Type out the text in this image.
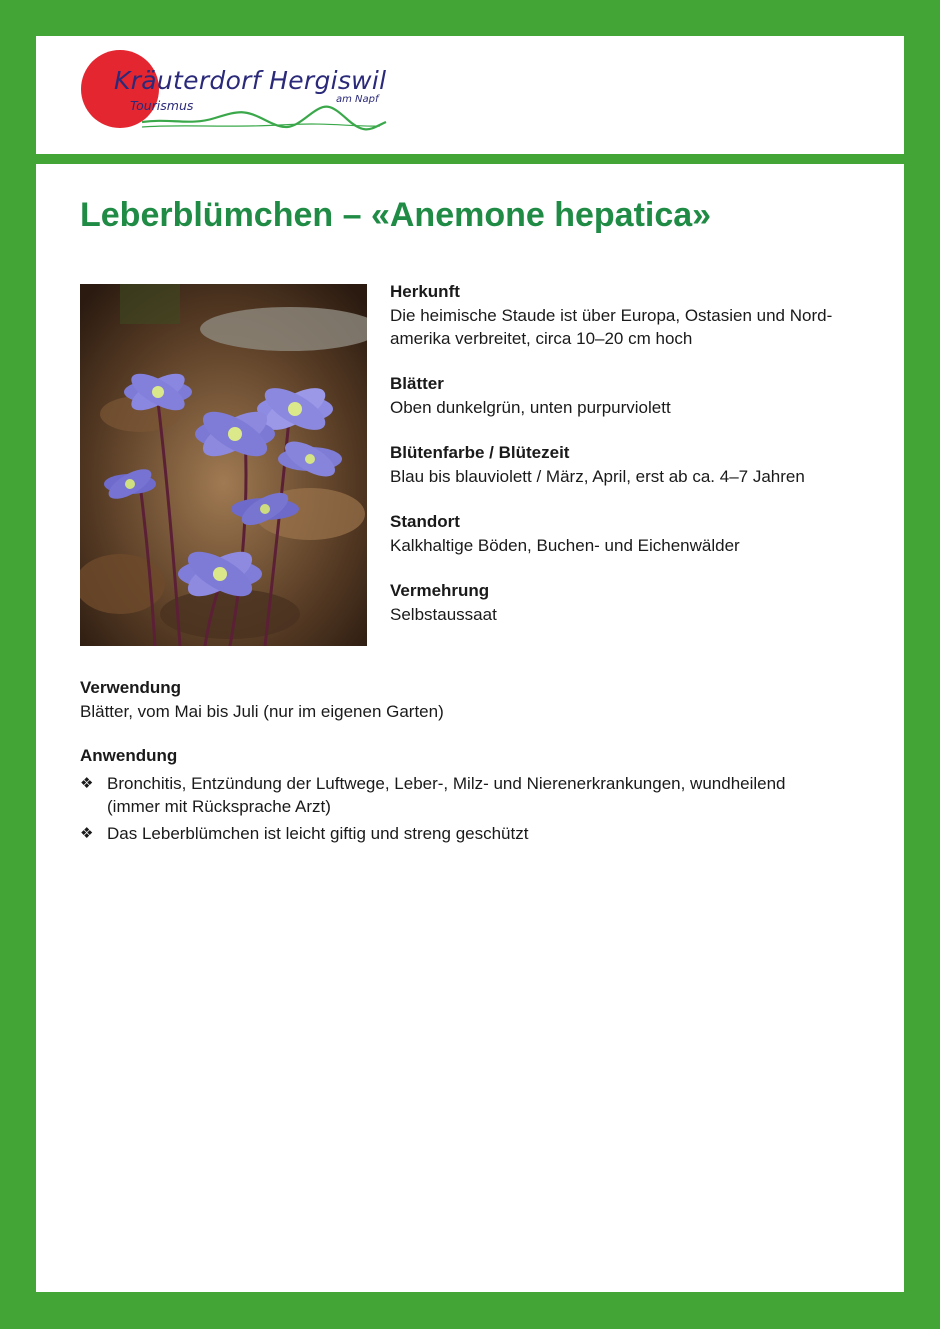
Kräuterdorf Hergiswil
Tourismus	am Napf
Leberblümchen – «Anemone hepatica»
Herkunft
Die heimische Staude ist über Europa, Ostasien und Nord-
amerika verbreitet, circa 10–20 cm hoch
Blätter
Oben dunkelgrün, unten purpurviolett
Blütenfarbe / Blütezeit
Blau bis blauviolett / März, April, erst ab ca. 4–7 Jahren
Standort
Kalkhaltige Böden, Buchen- und Eichenwälder
Vermehrung
Selbstaussaat
Verwendung
Blätter, vom Mai bis Juli (nur im eigenen Garten)
Anwendung
❖ Bronchitis, Entzündung der Luftwege, Leber-, Milz- und Nierenerkrankungen, wundheilend
(immer mit Rücksprache Arzt)
❖ Das Leberblümchen ist leicht giftig und streng geschützt
